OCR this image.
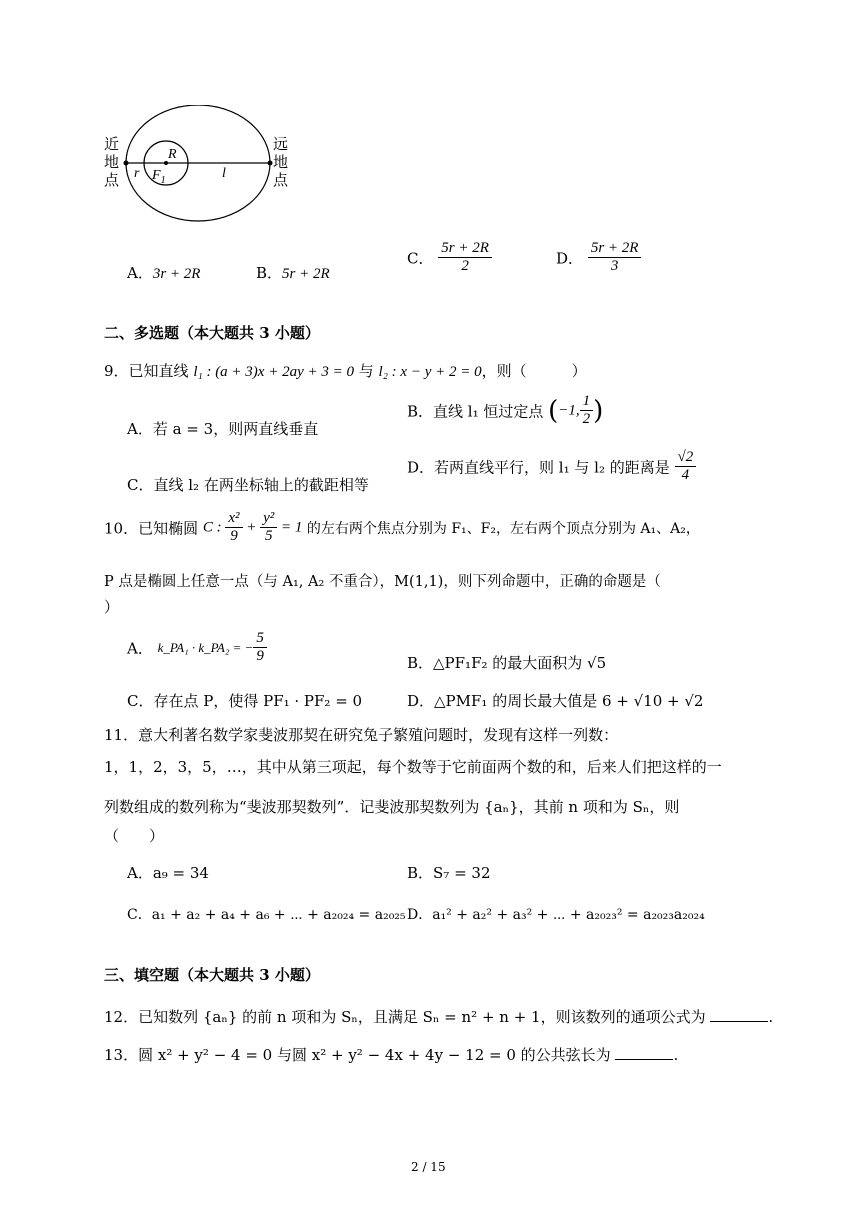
近
地
点
远
地
点
R
r $F_1$	l
A．3r + 2R	B．5r + 2R
C． $\frac{5r + 2R}{2}$	D． $\frac{5r + 2R}{3}$
二、多选题（本大题共 3 小题）
9．已知直线 l₁ : (a + 3)x + 2ay + 3 = 0 与 l₂ : x − y + 2 = 0，则（　　　）
A．若 a = 3，则两直线垂直
B．直线 l₁ 恒过定点 (−1, $\frac{1}{2}$ )
C．直线 l₂ 在两坐标轴上的截距相等
D．若两直线平行，则 l₁ 与 l₂ 的距离是 $\frac{√2}{4}$
10．已知椭圆 C : $\frac{\text{x²}}{9} + \frac{\text{y²}}{5} = 1$ 的左右两个焦点分别为 F₁、F₂，左右两个顶点分别为 A₁、A₂，
P 点是椭圆上任意一点（与 A₁, A₂ 不重合），M(1,1)，则下列命题中，正确的命题是（
）
A． k_PA₁ · k_PA₂ = − $\frac{5}{9}$	B．△PF₁F₂ 的最大面积为 √5
C．存在点 P，使得 PF₁ · PF₂ = 0	D．△PMF₁ 的周长最大值是 6 + √10 + √2
11．意大利著名数学家斐波那契在研究兔子繁殖问题时，发现有这样一列数：
1，1，2，3，5，…，其中从第三项起，每个数等于它前面两个数的和，后来人们把这样的一
列数组成的数列称为“斐波那契数列”．记斐波那契数列为 {aₙ}，其前 n 项和为 Sₙ，则
（　　）
A．a₉ = 34	B．S₇ = 32
C．a₁ + a₂ + a₄ + a₆ + ⋯ + a₂₀₂₄ = a₂₀₂₅ D．a₁² + a₂² + a₃² + ⋯ + a₂₀₂₃² = a₂₀₂₃a₂₀₂₄
三、填空题（本大题共 3 小题）
12．已知数列 {aₙ} 的前 n 项和为 Sₙ，且满足 Sₙ = n² + n + 1，则该数列的通项公式为	.
13．圆 x² + y² − 4 = 0 与圆 x² + y² − 4x + 4y − 12 = 0 的公共弦长为	.
2 / 15
